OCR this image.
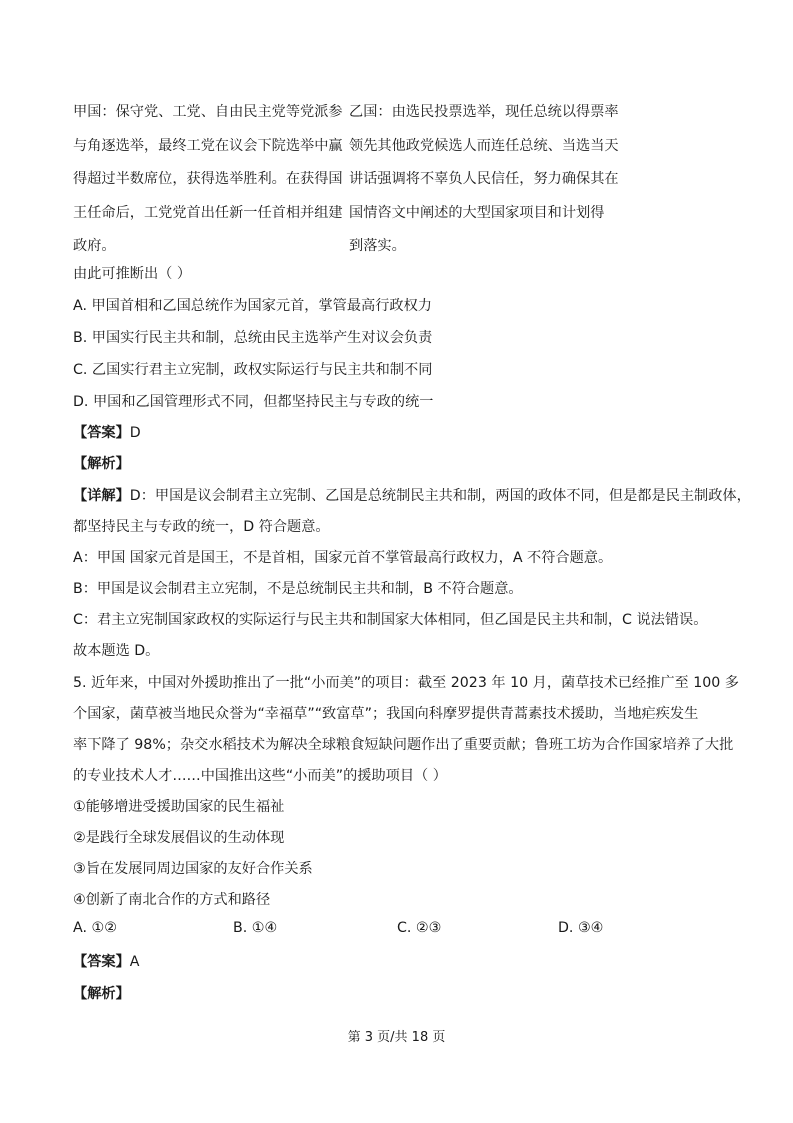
甲国：保守党、工党、自由民主党等党派参
与角逐选举，最终工党在议会下院选举中赢
得超过半数席位，获得选举胜利。在获得国
王任命后，工党党首出任新一任首相并组建
政府。
乙国：由选民投票选举，现任总统以得票率
领先其他政党候选人而连任总统、当选当天
讲话强调将不辜负人民信任，努力确保其在
国情咨文中阐述的大型国家项目和计划得
到落实。
由此可推断出（ ）
A. 甲国首相和乙国总统作为国家元首，掌管最高行政权力
B. 甲国实行民主共和制，总统由民主选举产生对议会负责
C. 乙国实行君主立宪制，政权实际运行与民主共和制不同
D. 甲国和乙国管理形式不同，但都坚持民主与专政的统一
【答案】D
【解析】
【详解】D：甲国是议会制君主立宪制、乙国是总统制民主共和制，两国的政体不同，但是都是民主制政体，
都坚持民主与专政的统一，D 符合题意。
A：甲国 国家元首是国王，不是首相，国家元首不掌管最高行政权力，A 不符合题意。
B：甲国是议会制君主立宪制，不是总统制民主共和制，B 不符合题意。
C：君主立宪制国家政权的实际运行与民主共和制国家大体相同，但乙国是民主共和制，C 说法错误。
故本题选 D。
5. 近年来，中国对外援助推出了一批“小而美”的项目：截至 2023 年 10 月，菌草技术已经推广至 100 多
个国家，菌草被当地民众誉为“幸福草”“致富草”；我国向科摩罗提供青蒿素技术援助，当地疟疾发生
率下降了 98%；杂交水稻技术为解决全球粮食短缺问题作出了重要贡献；鲁班工坊为合作国家培养了大批
的专业技术人才……中国推出这些“小而美”的援助项目（ ）
①能够增进受援助国家的民生福祉
②是践行全球发展倡议的生动体现
③旨在发展同周边国家的友好合作关系
④创新了南北合作的方式和路径
A. ①②	B. ①④	C. ②③	D. ③④
【答案】A
【解析】
第 3 页/共 18 页
